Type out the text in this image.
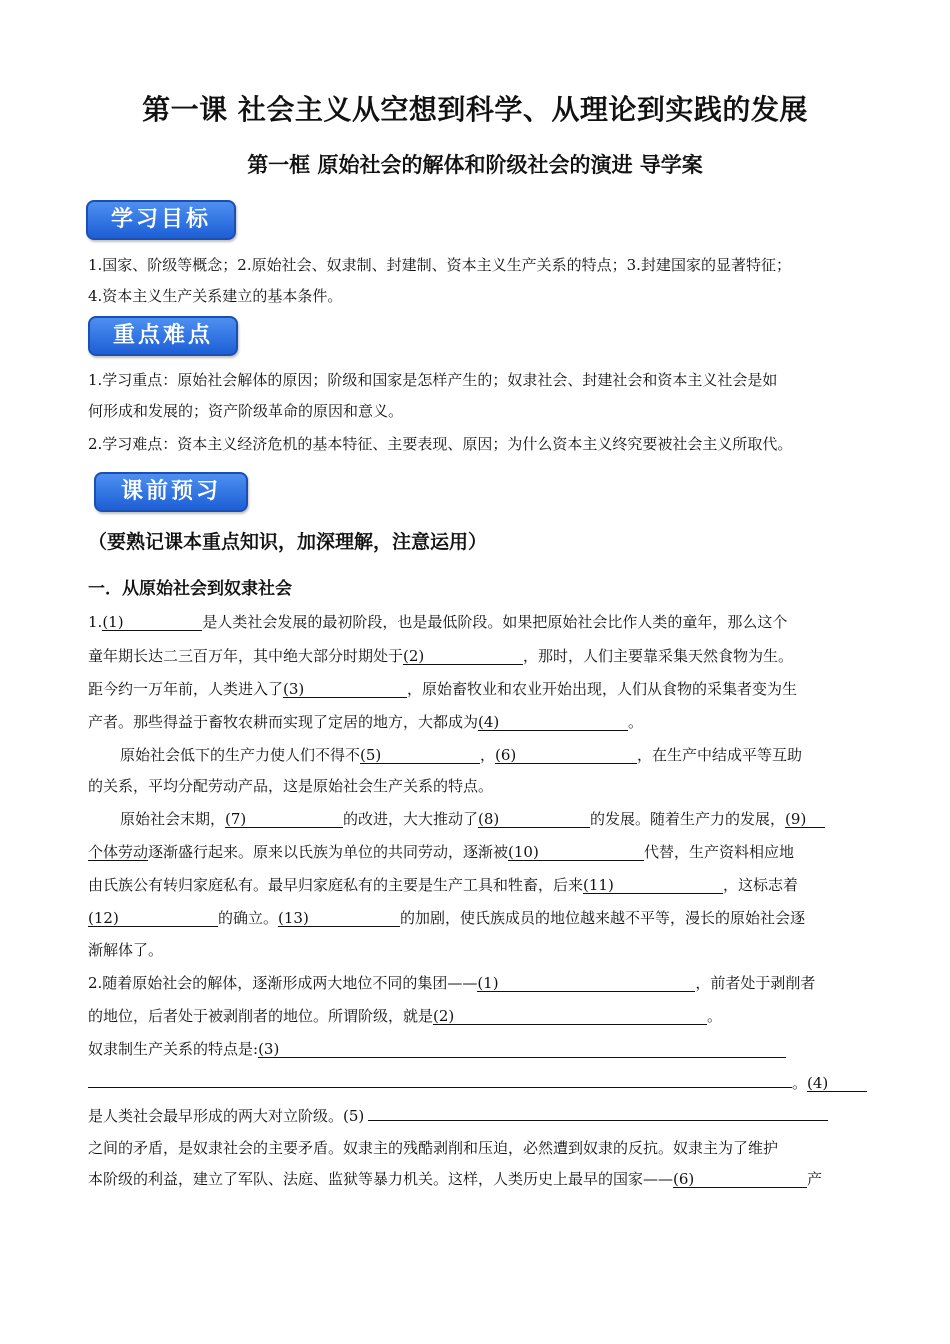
第一课 社会主义从空想到科学、从理论到实践的发展
第一框 原始社会的解体和阶级社会的演进 导学案
学习目标
1.国家、阶级等概念；2.原始社会、奴隶制、封建制、资本主义生产关系的特点；3.封建国家的显著特征；
4.资本主义生产关系建立的基本条件。
重点难点
1.学习重点：原始社会解体的原因；阶级和国家是怎样产生的；奴隶社会、封建社会和资本主义社会是如
何形成和发展的；资产阶级革命的原因和意义。
2.学习难点：资本主义经济危机的基本特征、主要表现、原因；为什么资本主义终究要被社会主义所取代。
课前预习
（要熟记课本重点知识，加深理解，注意运用）
一．从原始社会到奴隶社会
1.(1)	是人类社会发展的最初阶段，也是最低阶段。如果把原始社会比作人类的童年，那么这个
童年期长达二三百万年，其中绝大部分时期处于(2)	，那时，人们主要靠采集天然食物为生。
距今约一万年前，人类进入了(3)	，原始畜牧业和农业开始出现，人们从食物的采集者变为生
产者。那些得益于畜牧农耕而实现了定居的地方，大都成为(4)	。
原始社会低下的生产力使人们不得不(5)	，(6)	，在生产中结成平等互助
的关系，平均分配劳动产品，这是原始社会生产关系的特点。
原始社会末期，(7)	的改进，大大推动了(8)	的发展。随着生产力的发展，(9)
个体劳动逐渐盛行起来。原来以氏族为单位的共同劳动，逐渐被(10)	代替，生产资料相应地
由氏族公有转归家庭私有。最早归家庭私有的主要是生产工具和牲畜，后来(11)	，这标志着
(12)	的确立。(13)	的加剧，使氏族成员的地位越来越不平等，漫长的原始社会逐
渐解体了。
2.随着原始社会的解体，逐渐形成两大地位不同的集团——(1)	，前者处于剥削者
的地位，后者处于被剥削者的地位。所谓阶级，就是(2)	。
奴隶制生产关系的特点是:(3)
。(4)
是人类社会最早形成的两大对立阶级。(5)
之间的矛盾，是奴隶社会的主要矛盾。奴隶主的残酷剥削和压迫，必然遭到奴隶的反抗。奴隶主为了维护
本阶级的利益，建立了军队、法庭、监狱等暴力机关。这样，人类历史上最早的国家——(6)	产
